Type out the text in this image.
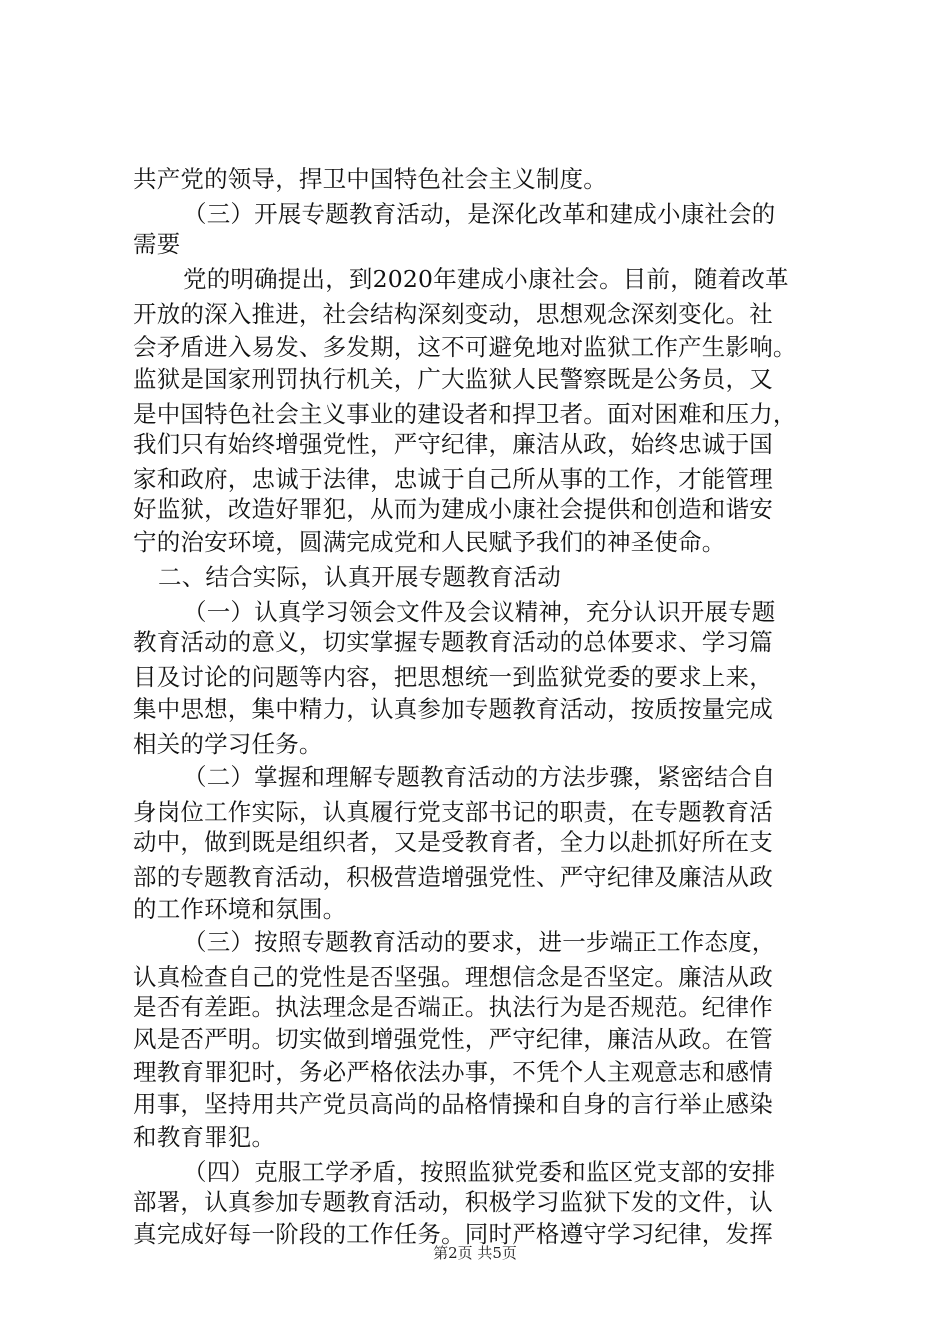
共产党的领导，捍卫中国特色社会主义制度。
（三）开展专题教育活动，是深化改革和建成小康社会的
需要
党的明确提出，到2020年建成小康社会。目前，随着改革
开放的深入推进，社会结构深刻变动，思想观念深刻变化。社
会矛盾进入易发、多发期，这不可避免地对监狱工作产生影响。
监狱是国家刑罚执行机关，广大监狱人民警察既是公务员，又
是中国特色社会主义事业的建设者和捍卫者。面对困难和压力，
我们只有始终增强党性，严守纪律，廉洁从政，始终忠诚于国
家和政府，忠诚于法律，忠诚于自己所从事的工作，才能管理
好监狱，改造好罪犯，从而为建成小康社会提供和创造和谐安
宁的治安环境，圆满完成党和人民赋予我们的神圣使命。
二、结合实际，认真开展专题教育活动
（一）认真学习领会文件及会议精神，充分认识开展专题
教育活动的意义，切实掌握专题教育活动的总体要求、学习篇
目及讨论的问题等内容，把思想统一到监狱党委的要求上来，
集中思想，集中精力，认真参加专题教育活动，按质按量完成
相关的学习任务。
（二）掌握和理解专题教育活动的方法步骤，紧密结合自
身岗位工作实际，认真履行党支部书记的职责，在专题教育活
动中，做到既是组织者，又是受教育者，全力以赴抓好所在支
部的专题教育活动，积极营造增强党性、严守纪律及廉洁从政
的工作环境和氛围。
（三）按照专题教育活动的要求，进一步端正工作态度，
认真检查自己的党性是否坚强。理想信念是否坚定。廉洁从政
是否有差距。执法理念是否端正。执法行为是否规范。纪律作
风是否严明。切实做到增强党性，严守纪律，廉洁从政。在管
理教育罪犯时，务必严格依法办事，不凭个人主观意志和感情
用事，坚持用共产党员高尚的品格情操和自身的言行举止感染
和教育罪犯。
（四）克服工学矛盾，按照监狱党委和监区党支部的安排
部署，认真参加专题教育活动，积极学习监狱下发的文件，认
真完成好每一阶段的工作任务。同时严格遵守学习纪律，发挥
第2页 共5页
